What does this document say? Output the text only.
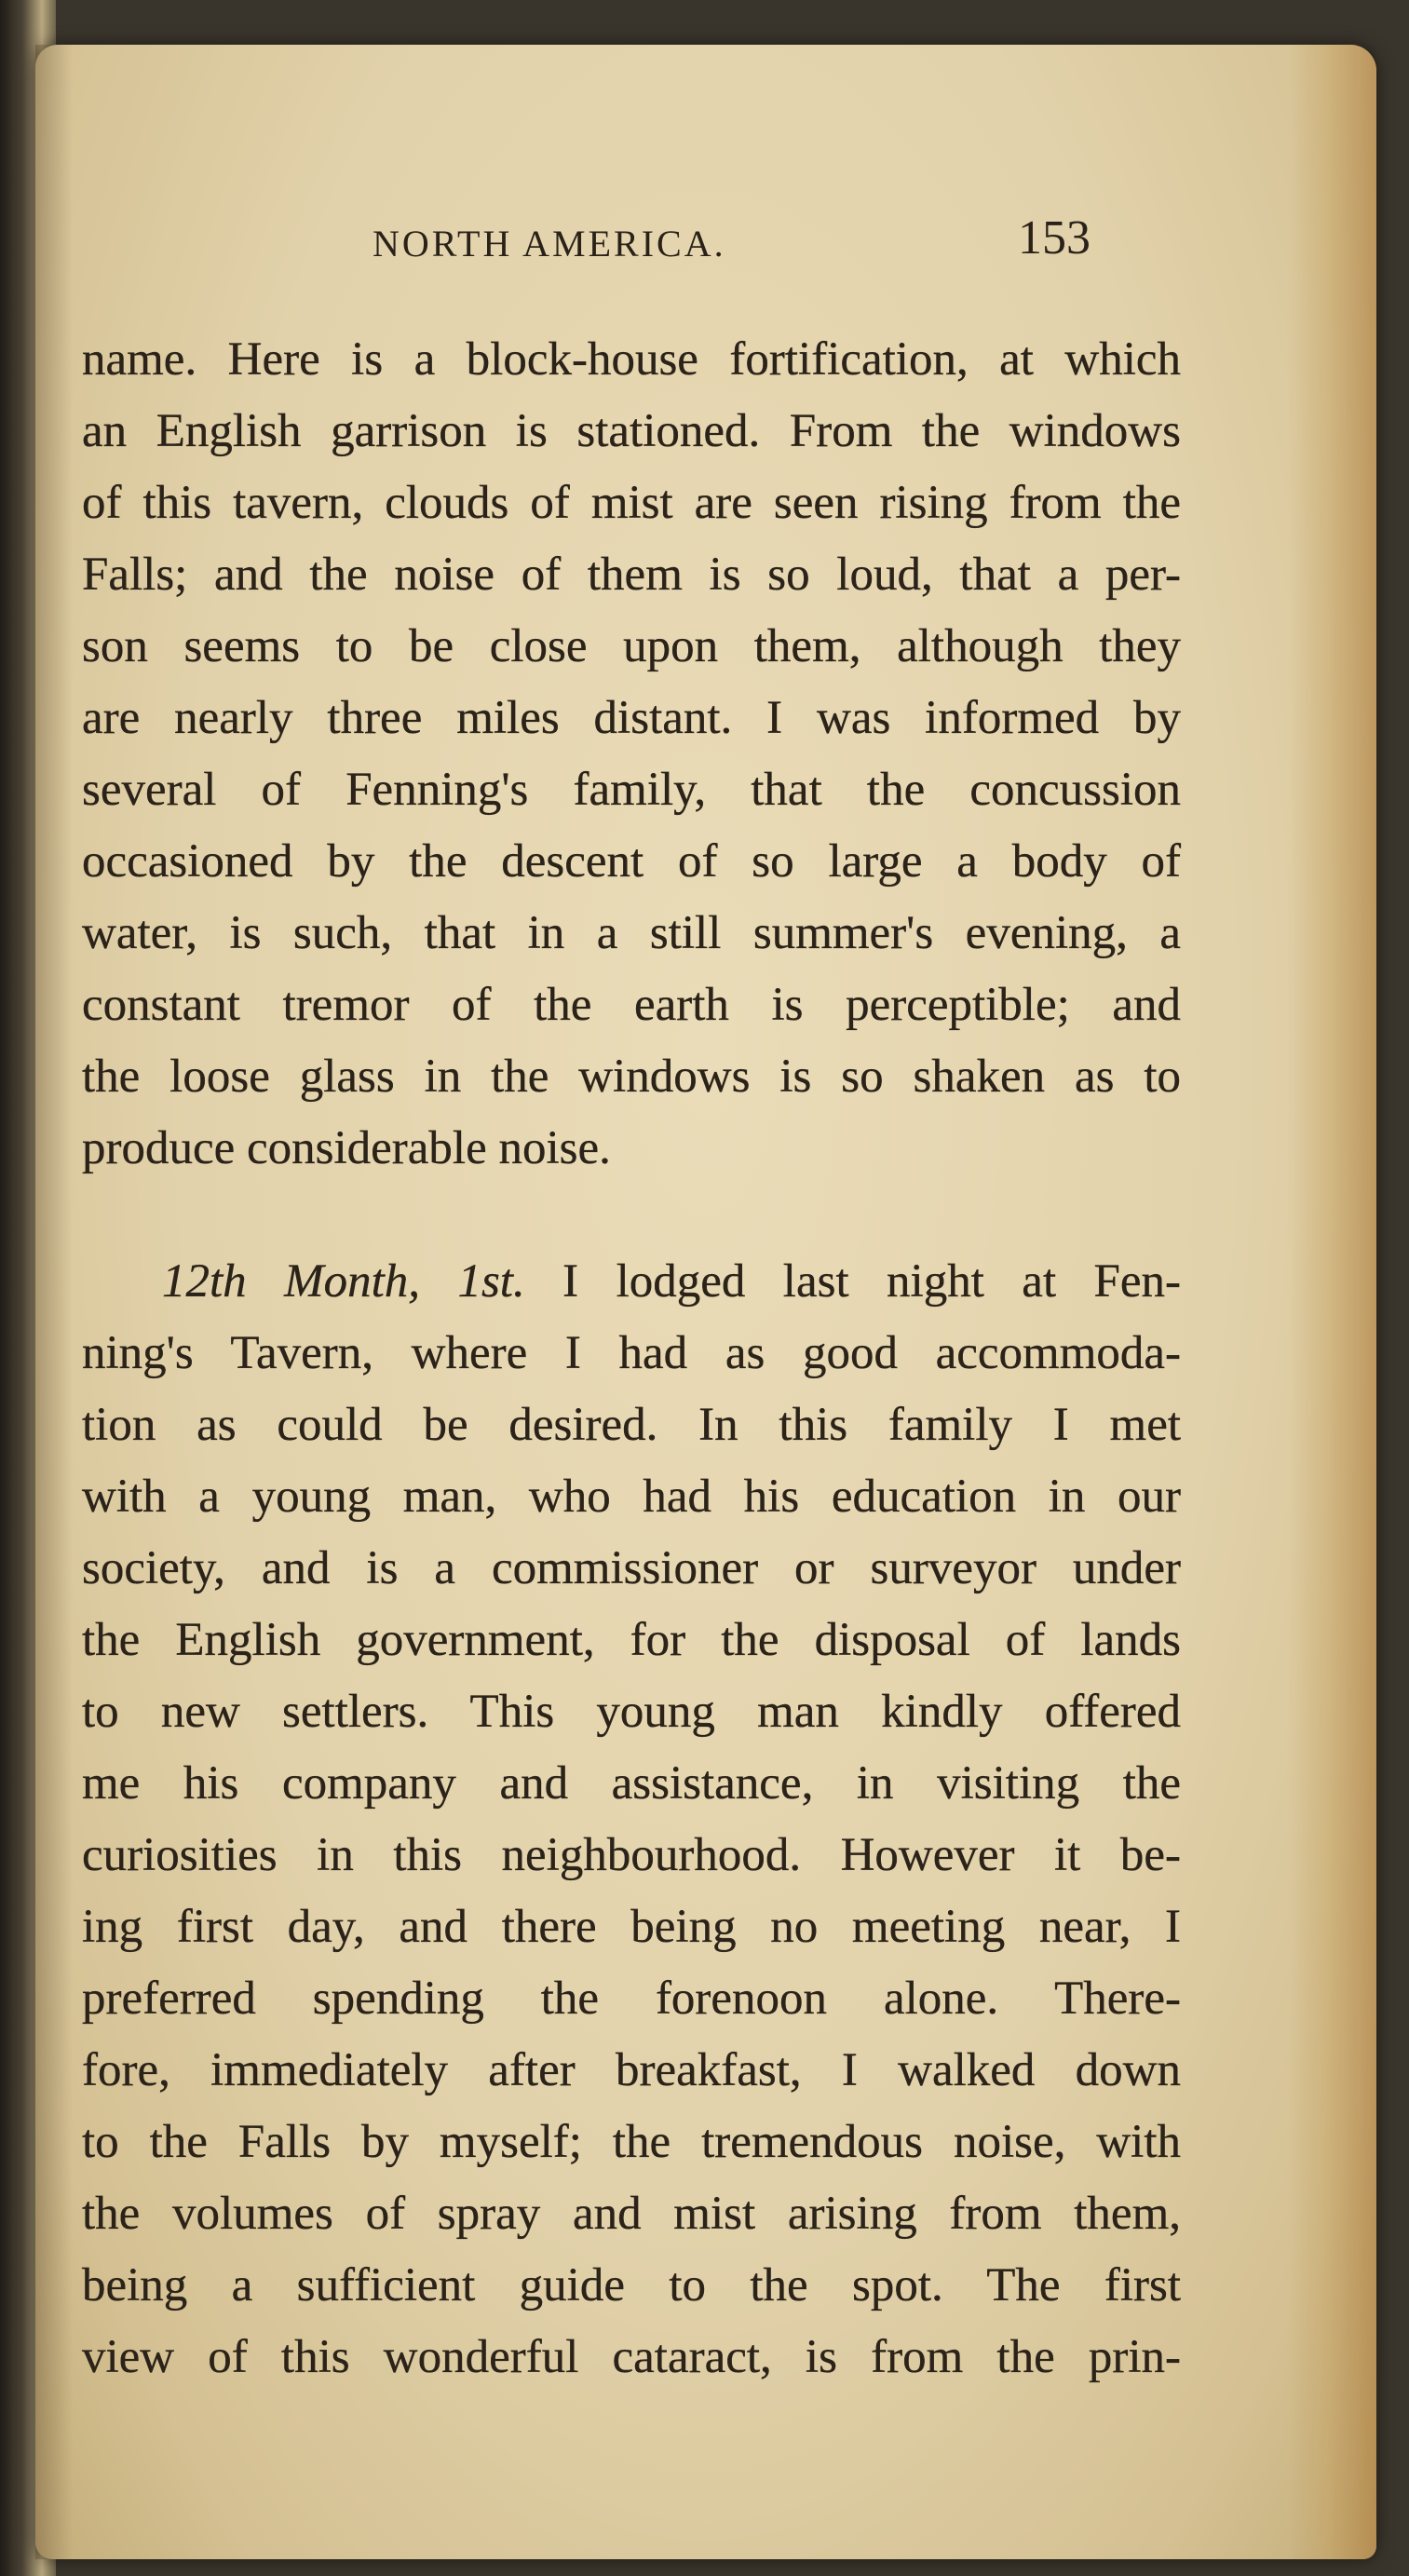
NORTH AMERICA.	153
name. Here is a block-house fortification, at which
an English garrison is stationed. From the windows
of this tavern, clouds of mist are seen rising from the
Falls; and the noise of them is so loud, that a per-
son seems to be close upon them, although they
are nearly three miles distant. I was informed by
several of Fenning's family, that the concussion
occasioned by the descent of so large a body of
water, is such, that in a still summer's evening, a
constant tremor of the earth is perceptible; and
the loose glass in the windows is so shaken as to
produce considerable noise.
12th Month, 1st. I lodged last night at Fen-
ning's Tavern, where I had as good accommoda-
tion as could be desired. In this family I met
with a young man, who had his education in our
society, and is a commissioner or surveyor under
the English government, for the disposal of lands
to new settlers. This young man kindly offered
me his company and assistance, in visiting the
curiosities in this neighbourhood. However it be-
ing first day, and there being no meeting near, I
preferred spending the forenoon alone. There-
fore, immediately after breakfast, I walked down
to the Falls by myself; the tremendous noise, with
the volumes of spray and mist arising from them,
being a sufficient guide to the spot. The first
view of this wonderful cataract, is from the prin-
